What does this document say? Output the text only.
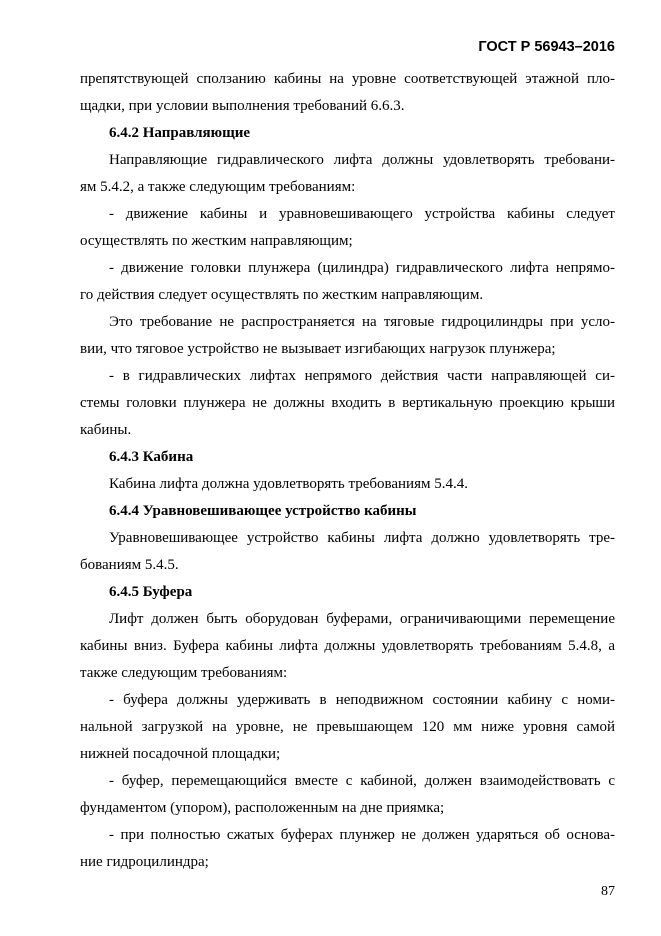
ГОСТ Р 56943–2016
препятствующей сползанию кабины на уровне соответствующей этажной пло-
щадки, при условии выполнения требований 6.6.3.
6.4.2 Направляющие
Направляющие гидравлического лифта должны удовлетворять требовани-
ям 5.4.2, а также следующим требованиям:
- движение кабины и уравновешивающего устройства кабины следует
осуществлять по жестким направляющим;
- движение головки плунжера (цилиндра) гидравлического лифта непрямо-
го действия следует осуществлять по жестким направляющим.
Это требование не распространяется на тяговые гидроцилиндры при усло-
вии, что тяговое устройство не вызывает изгибающих нагрузок плунжера;
- в гидравлических лифтах непрямого действия части направляющей си-
стемы головки плунжера не должны входить в вертикальную проекцию крыши
кабины.
6.4.3 Кабина
Кабина лифта должна удовлетворять требованиям 5.4.4.
6.4.4 Уравновешивающее устройство кабины
Уравновешивающее устройство кабины лифта должно удовлетворять тре-
бованиям 5.4.5.
6.4.5 Буфера
Лифт должен быть оборудован буферами, ограничивающими перемещение
кабины вниз. Буфера кабины лифта должны удовлетворять требованиям 5.4.8, а
также следующим требованиям:
- буфера должны удерживать в неподвижном состоянии кабину с номи-
нальной загрузкой на уровне, не превышающем 120 мм ниже уровня самой
нижней посадочной площадки;
- буфер, перемещающийся вместе с кабиной, должен взаимодействовать с
фундаментом (упором), расположенным на дне приямка;
- при полностью сжатых буферах плунжер не должен ударяться об основа-
ние гидроцилиндра;
87
